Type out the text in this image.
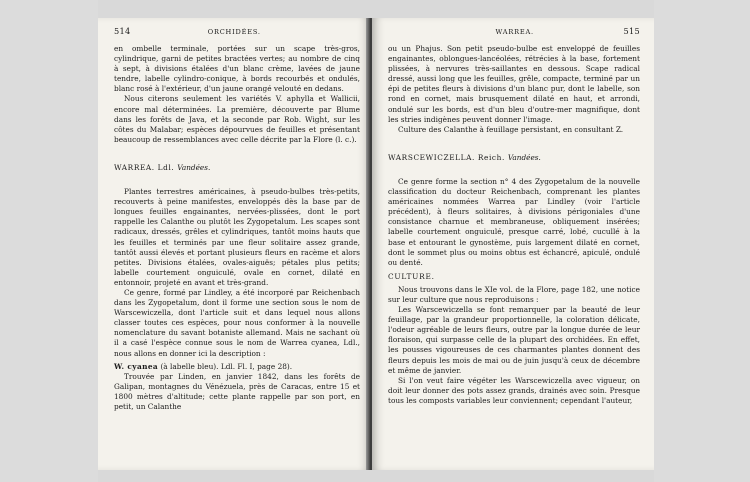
514	ORCHIDÉES.

en ombelle terminale, portées sur un scape très-gros, cylindrique, garni de petites bractées vertes; au nombre de cinq à sept, à divisions étalées d'un blanc crème, lavées de jaune tendre, labelle cylindro-conique, à bords recourbés et ondulés, blanc rosé à l'extérieur, d'un jaune orangé velouté en dedans.

Nous citerons seulement les variétés V. aphylla et Wallicii, encore mal déterminées. La première, découverte par Blume dans les forêts de Java, et la seconde par Rob. Wight, sur les côtes du Malabar; espèces dépourvues de feuilles et présentant beaucoup de ressemblances avec celle décrite par la Flore (l. c.).

WARREA. Ldl. Vandées.

Plantes terrestres américaines, à pseudo-bulbes très-petits, recouverts à peine manifestes, enveloppés dès la base par de longues feuilles engainantes, nervées-plissées, dont le port rappelle les Calanthe ou plutôt les Zygopetalum. Les scapes sont radicaux, dressés, grêles et cylindriques, tantôt moins hauts que les feuilles et terminés par une fleur solitaire assez grande, tantôt aussi élevés et portant plusieurs fleurs en racème et alors petites. Divisions étalées, ovales-aiguës; pétales plus petits; labelle courtement onguiculé, ovale en cornet, dilaté en entonnoir, projeté en avant et très-grand.

Ce genre, formé par Lindley, a été incorporé par Reichenbach dans les Zygopetalum, dont il forme une section sous le nom de Warscewiczella, dont l'article suit et dans lequel nous allons classer toutes ces espèces, pour nous conformer à la nouvelle nomenclature du savant botaniste allemand. Mais ne sachant où il a casé l'espèce connue sous le nom de Warrea cyanea, Ldl., nous allons en donner ici la description :

W. cyanea (à labelle bleu). Ldl. Fl. I, page 28).

Trouvée par Linden, en janvier 1842, dans les forêts de Galipan, montagnes du Vénézuela, près de Caracas, entre 15 et 1800 mètres d'altitude; cette plante rappelle par son port, en petit, un Calanthe

WARREA.	515

ou un Phajus. Son petit pseudo-bulbe est enveloppé de feuilles engainantes, oblongues-lancéolées, rétrécies à la base, fortement plissées, à nervures très-saillantes en dessous. Scape radical dressé, aussi long que les feuilles, grêle, compacte, terminé par un épi de petites fleurs à divisions d'un blanc pur, dont le labelle, son rond en cornet, mais brusquement dilaté en haut, et arrondi, ondulé sur les bords, est d'un bleu d'outre-mer magnifique, dont les stries indigènes peuvent donner l'image.

Culture des Calanthe à feuillage persistant, en consultant Z.

WARSCEWICZELLA. Reich. Vandées.

Ce genre forme la section n° 4 des Zygopetalum de la nouvelle classification du docteur Reichenbach, comprenant les plantes américaines nommées Warrea par Lindley (voir l'article précédent), à fleurs solitaires, à divisions périgoniales d'une consistance charnue et membraneuse, obliquement insérées; labelle courtement onguiculé, presque carré, lobé, cucullé à la base et entourant le gynostème, puis largement dilaté en cornet, dont le sommet plus ou moins obtus est échancré, apiculé, ondulé ou denté.

CULTURE.

Nous trouvons dans le XIe vol. de la Flore, page 182, une notice sur leur culture que nous reproduisons :

Les Warscewiczella se font remarquer par la beauté de leur feuillage, par la grandeur proportionnelle, la coloration délicate, l'odeur agréable de leurs fleurs, outre par la longue durée de leur floraison, qui surpasse celle de la plupart des orchidées. En effet, les pousses vigoureuses de ces charmantes plantes donnent des fleurs depuis les mois de mai ou de juin jusqu'à ceux de décembre et même de janvier.

Si l'on veut faire végéter les Warscewiczella avec vigueur, on doit leur donner des pots assez grands, drainés avec soin. Presque tous les composts variables leur conviennent; cependant l'auteur,
